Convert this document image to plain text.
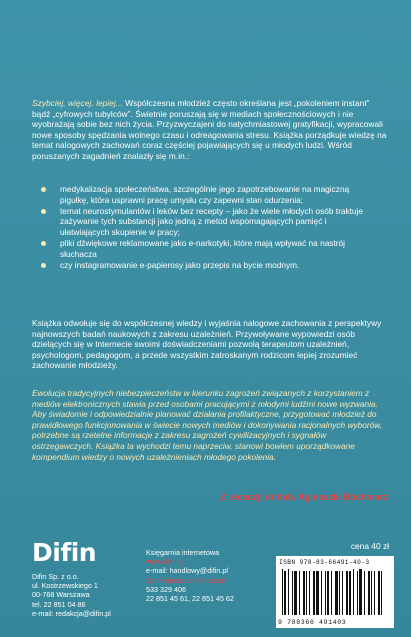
Szybciej, więcej, lepiej... Współczesna młodzież często określana jest „pokoleniem instant” bądź „cyfrowych tubylców”. Świetnie poruszają się w mediach społecznościowych i nie wyobrażają sobie bez nich życia. Przyzwyczajeni do natychmiastowej gratyfikacji, wypracowali nowe sposoby spędzania wolnego czasu i odreagowania stresu. Książka porządkuje wiedzę na temat nalogowych zachowań coraz częściej pojawiających się u młodych ludzi. Wśród poruszanych zagadnień znalazły się m.in.:
medykalizacja społeczeństwa, szczególnie jego zapotrzebowanie na magiczną pigułkę, która usprawni pracę umysłu czy zapewni stan odurzenia;
temat neurostymulantów i leków bez recepty – jako że wiele młodych osób traktuje zażywanie tych substancji jako jedną z metod wspomagających pamięć i ułatwiających skupienie w pracy;
pliki dźwiękowe reklamowane jako e-narkotyki, które mają wpływać na nastrój słuchacza
czy instagramowanie e-papierosy jako przepis na bycie modnym.
Książka odwołuje się do współczesnej wiedzy i wyjaśnia nalogowe zachowania z perspektywy najnowszych badań naukowych z zakresu uzależnień. Przywoływane wypowiedzi osób dzielących się w Internecie swoimi doświadczeniami pozwolą terapeutom uzależnień, psychologom, pedagogom, a przede wszystkim zatroskanym rodzicom lepiej zrozumieć zachowanie młodzieży.
Ewolucja tradycyjnych niebezpieczeństw w kierunku zagrożeń związanych z korzystaniem z mediów elektronicznych stawia przed osobami pracującymi z młodymi ludźmi nowe wyzwania. Aby świadomie i odpowiedzialnie planować działania profilaktyczne, przygotować młodzież do prawidłowego funkcjonowania w świecie nowych mediów i dokonywania racjonalnych wyborów, potrzebne są rzetelne informacje z zakresu zagrożeń cywilizacyjnych i sygnałów ostrzegawczych. Książka ta wychodzi temu naprzeciw, stanowi bowiem uporządkowane kompendium wiedzy o nowych uzależnieniach młodego pokolenia.
Z recenzji dr hab. Agnieszki Bochniarz
Difin
Difin Sp. z o.o.
ul. Kostrzewskiego 1
00-768 Warszawa
tel. 22 851 04 86
e-mail: redakcja@difin.pl
Księgarnia internetowa
www.difin.pl
e-mail: handlowy@difin.pl
Zamówienia telefoniczne
533 329 406
22 851 45 61, 22 851 45 62
cena 40 zł
ISBN 978-83-66491-40-3
9 788366 491403
